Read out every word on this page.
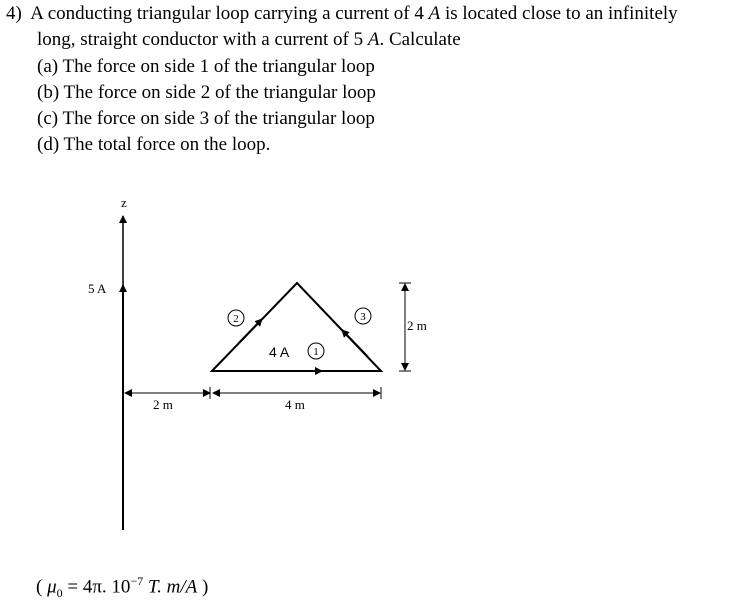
4) A conducting triangular loop carrying a current of 4 A is located close to an infinitely
long, straight conductor with a current of 5 A. Calculate
(a) The force on side 1 of the triangular loop
(b) The force on side 2 of the triangular loop
(c) The force on side 3 of the triangular loop
(d) The total force on the loop.
z
5 A
4 A 1
2	3
2 m	4 m
2 m
( $\mu_0 = 4\pi$. $10^{-7}$ T. m/A )
